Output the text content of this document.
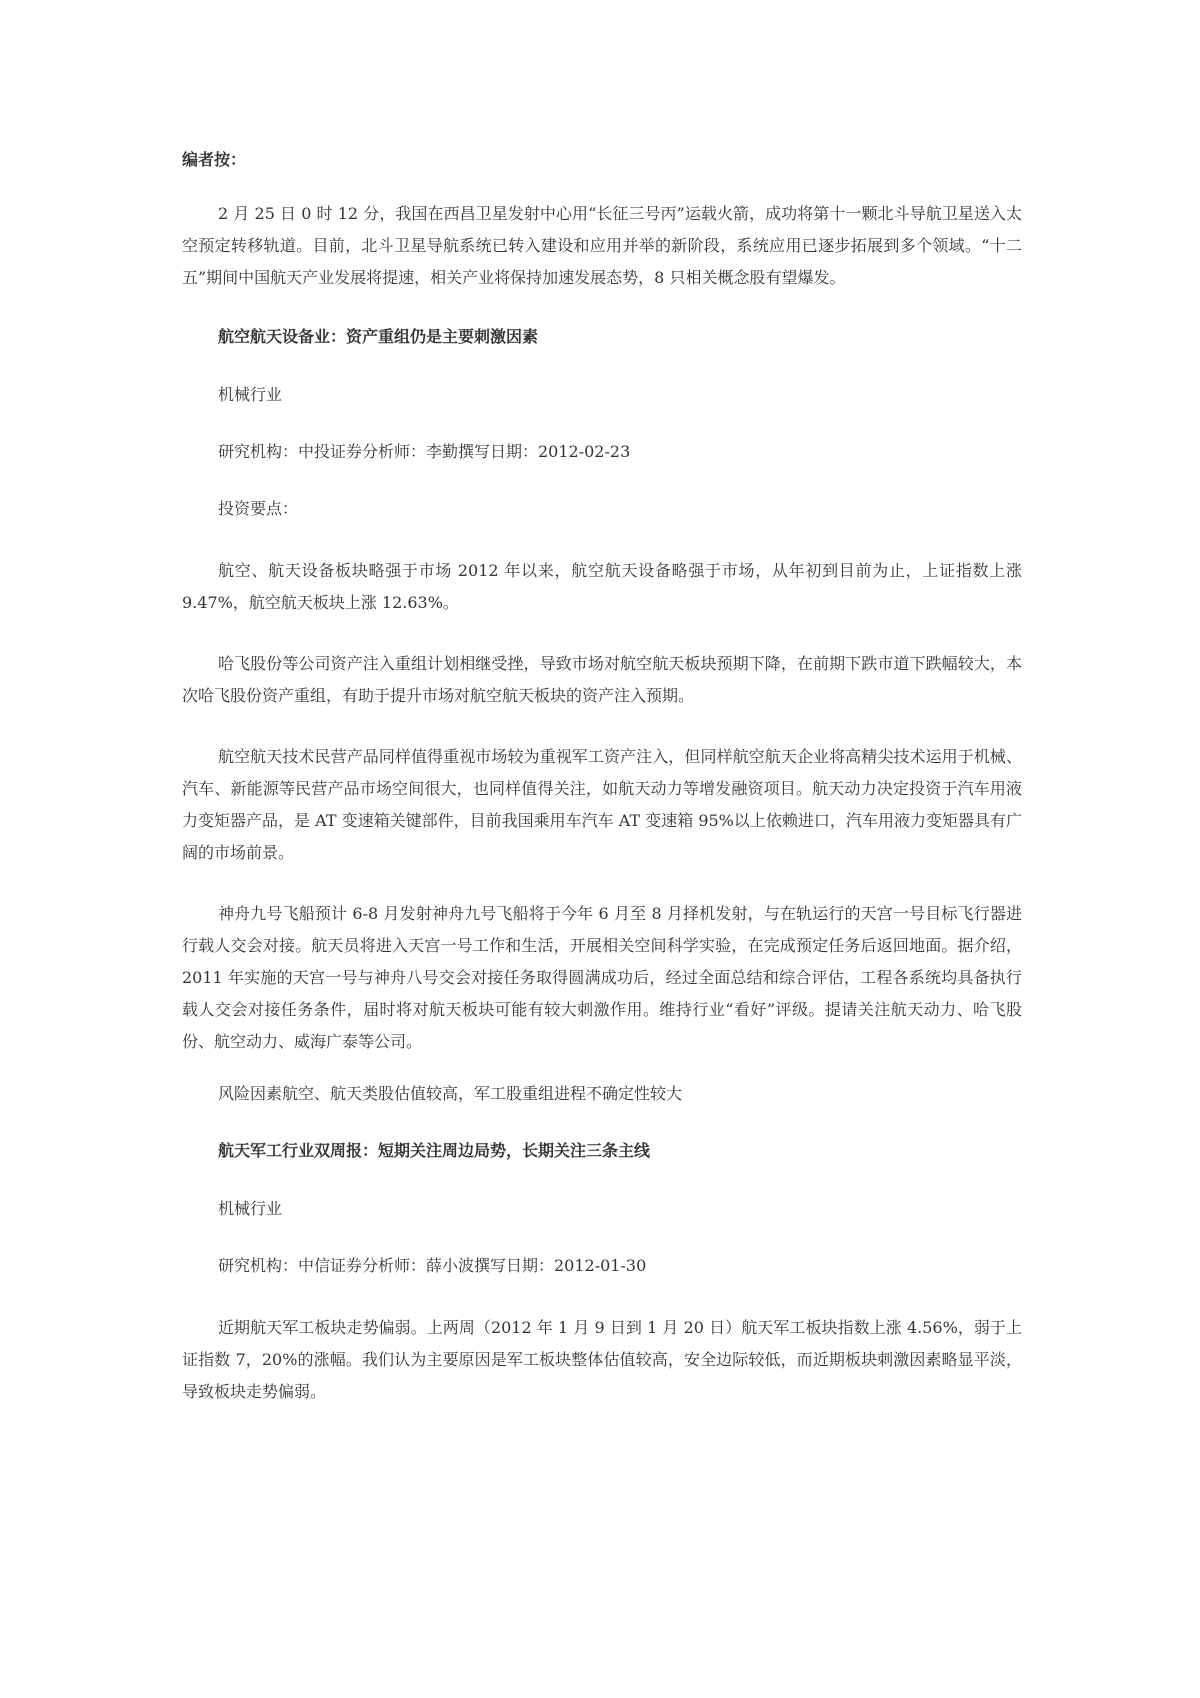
编者按：

2 月 25 日 0 时 12 分，我国在西昌卫星发射中心用“长征三号丙”运载火箭，成功将第十一颗北斗导航卫星送入太空预定转移轨道。目前，北斗卫星导航系统已转入建设和应用并举的新阶段，系统应用已逐步拓展到多个领域。“十二五”期间中国航天产业发展将提速，相关产业将保持加速发展态势，8 只相关概念股有望爆发。

航空航天设备业：资产重组仍是主要刺激因素

机械行业

研究机构：中投证券分析师：李勤撰写日期：2012-02-23

投资要点：

航空、航天设备板块略强于市场 2012 年以来，航空航天设备略强于市场，从年初到目前为止，上证指数上涨 9.47%，航空航天板块上涨 12.63%。

哈飞股份等公司资产注入重组计划相继受挫，导致市场对航空航天板块预期下降，在前期下跌市道下跌幅较大，本次哈飞股份资产重组，有助于提升市场对航空航天板块的资产注入预期。

航空航天技术民营产品同样值得重视市场较为重视军工资产注入，但同样航空航天企业将高精尖技术运用于机械、汽车、新能源等民营产品市场空间很大，也同样值得关注，如航天动力等增发融资项目。航天动力决定投资于汽车用液力变矩器产品，是 AT 变速箱关键部件，目前我国乘用车汽车 AT 变速箱 95%以上依赖进口，汽车用液力变矩器具有广阔的市场前景。

神舟九号飞船预计 6-8 月发射神舟九号飞船将于今年 6 月至 8 月择机发射，与在轨运行的天宫一号目标飞行器进行载人交会对接。航天员将进入天宫一号工作和生活，开展相关空间科学实验，在完成预定任务后返回地面。据介绍，2011 年实施的天宫一号与神舟八号交会对接任务取得圆满成功后，经过全面总结和综合评估，工程各系统均具备执行载人交会对接任务条件，届时将对航天板块可能有较大刺激作用。维持行业“看好”评级。提请关注航天动力、哈飞股份、航空动力、威海广泰等公司。

风险因素航空、航天类股估值较高，军工股重组进程不确定性较大

航天军工行业双周报：短期关注周边局势，长期关注三条主线

机械行业

研究机构：中信证券分析师：薛小波撰写日期：2012-01-30

近期航天军工板块走势偏弱。上两周（2012 年 1 月 9 日到 1 月 20 日）航天军工板块指数上涨 4.56%，弱于上证指数 7，20%的涨幅。我们认为主要原因是军工板块整体估值较高，安全边际较低，而近期板块刺激因素略显平淡，导致板块走势偏弱。
